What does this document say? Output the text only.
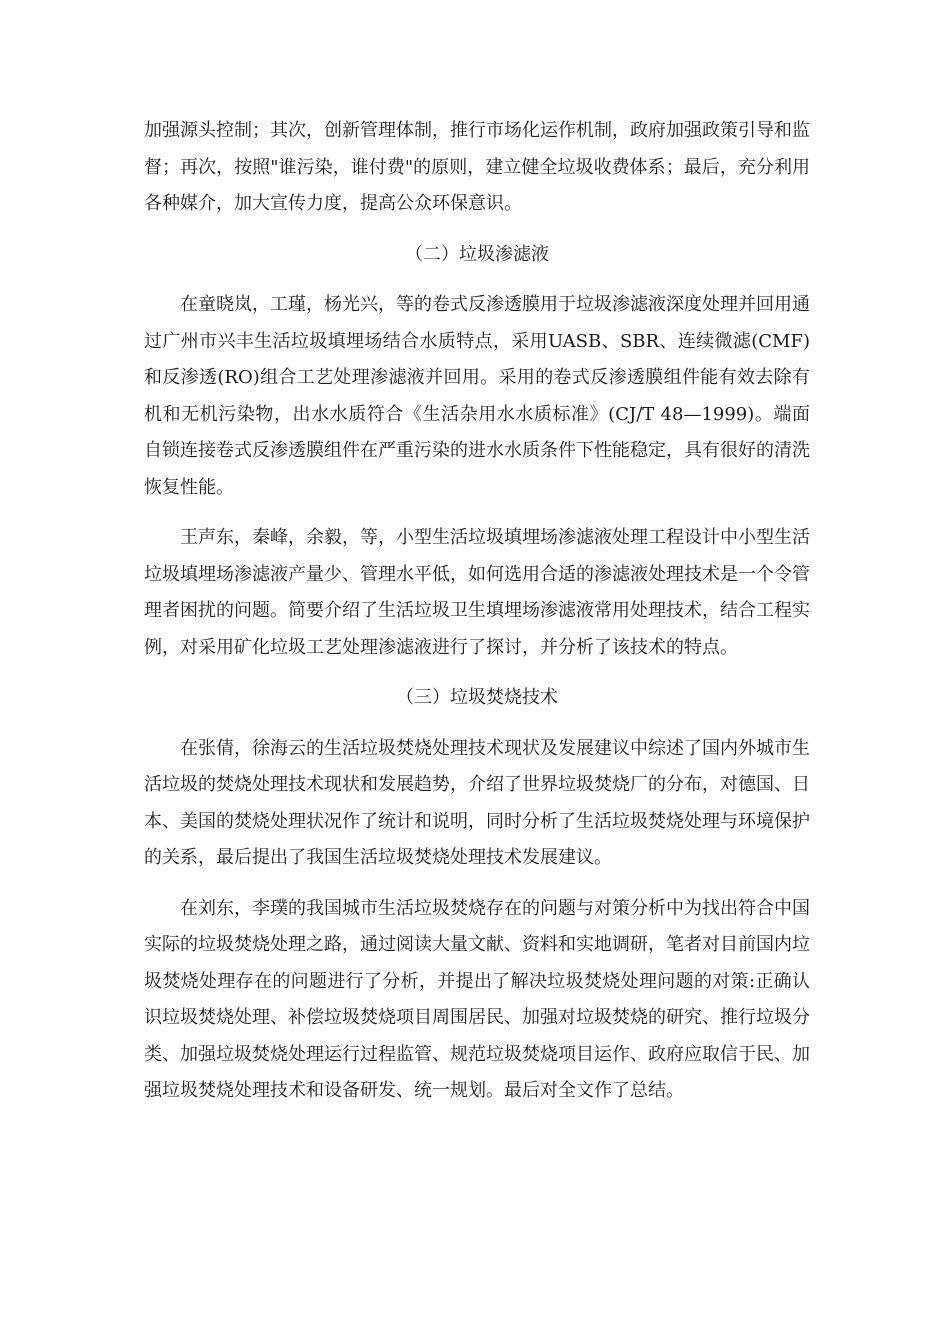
加强源头控制；其次，创新管理体制，推行市场化运作机制，政府加强政策引导和监督；再次，按照"谁污染，谁付费"的原则，建立健全垃圾收费体系；最后，充分利用各种媒介，加大宣传力度，提高公众环保意识。

（二）垃圾渗滤液

在童晓岚，工瑾，杨光兴，等的卷式反渗透膜用于垃圾渗滤液深度处理并回用通过广州市兴丰生活垃圾填埋场结合水质特点，采用UASB、SBR、连续微滤(CMF)和反渗透(RO)组合工艺处理渗滤液并回用。采用的卷式反渗透膜组件能有效去除有机和无机污染物，出水水质符合《生活杂用水水质标准》(CJ/T 48—1999)。端面自锁连接卷式反渗透膜组件在严重污染的进水水质条件下性能稳定，具有很好的清洗恢复性能。

王声东，秦峰，余毅，等，小型生活垃圾填埋场渗滤液处理工程设计中小型生活垃圾填埋场渗滤液产量少、管理水平低，如何选用合适的渗滤液处理技术是一个令管理者困扰的问题。简要介绍了生活垃圾卫生填埋场渗滤液常用处理技术，结合工程实例，对采用矿化垃圾工艺处理渗滤液进行了探讨，并分析了该技术的特点。

（三）垃圾焚烧技术

在张倩，徐海云的生活垃圾焚烧处理技术现状及发展建议中综述了国内外城市生活垃圾的焚烧处理技术现状和发展趋势，介绍了世界垃圾焚烧厂的分布，对德国、日本、美国的焚烧处理状况作了统计和说明，同时分析了生活垃圾焚烧处理与环境保护的关系，最后提出了我国生活垃圾焚烧处理技术发展建议。

在刘东，李璞的我国城市生活垃圾焚烧存在的问题与对策分析中为找出符合中国实际的垃圾焚烧处理之路，通过阅读大量文献、资料和实地调研，笔者对目前国内垃圾焚烧处理存在的问题进行了分析，并提出了解决垃圾焚烧处理问题的对策:正确认识垃圾焚烧处理、补偿垃圾焚烧项目周围居民、加强对垃圾焚烧的研究、推行垃圾分类、加强垃圾焚烧处理运行过程监管、规范垃圾焚烧项目运作、政府应取信于民、加强垃圾焚烧处理技术和设备研发、统一规划。最后对全文作了总结。
